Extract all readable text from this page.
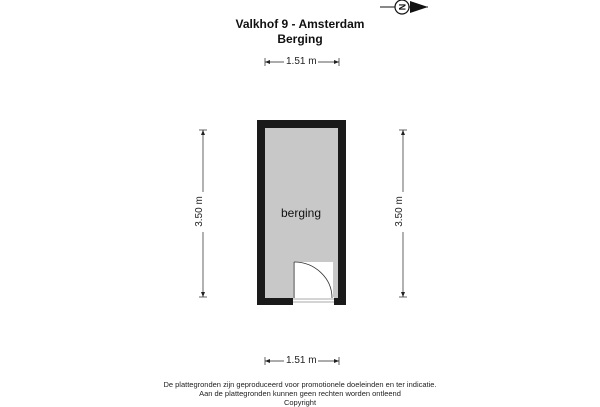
Valkhof 9 - Amsterdam
Berging
N
berging
1.51 m
1.51 m
3.50 m	3.50 m
De plattegronden zijn geproduceerd voor promotionele doeleinden en ter indicatie.
Aan de plattegronden kunnen geen rechten worden ontleend
Copyright
